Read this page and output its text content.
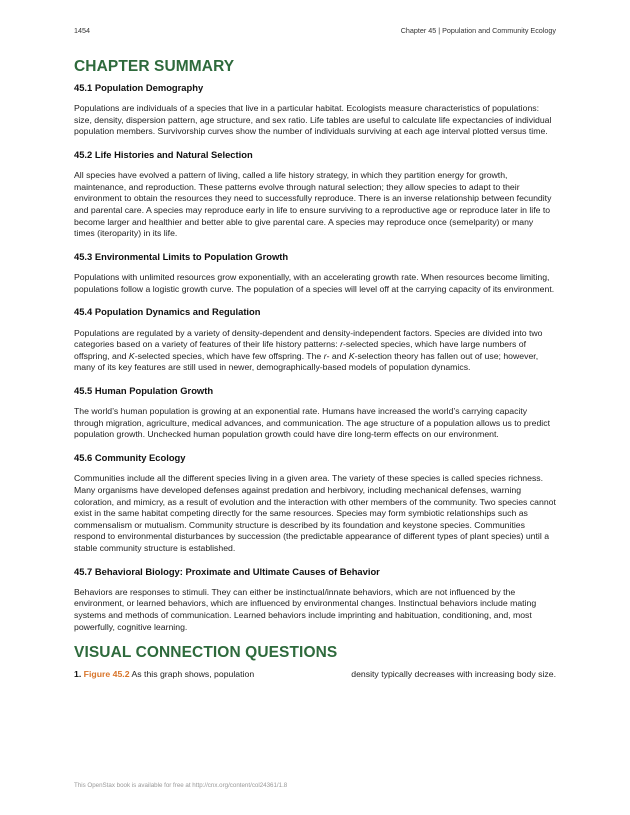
1454	Chapter 45 | Population and Community Ecology
CHAPTER SUMMARY
45.1 Population Demography

Populations are individuals of a species that live in a particular habitat. Ecologists measure characteristics of populations: size, density, dispersion pattern, age structure, and sex ratio. Life tables are useful to calculate life expectancies of individual population members. Survivorship curves show the number of individuals surviving at each age interval plotted versus time.

45.2 Life Histories and Natural Selection

All species have evolved a pattern of living, called a life history strategy, in which they partition energy for growth, maintenance, and reproduction. These patterns evolve through natural selection; they allow species to adapt to their environment to obtain the resources they need to successfully reproduce. There is an inverse relationship between fecundity and parental care. A species may reproduce early in life to ensure surviving to a reproductive age or reproduce later in life to become larger and healthier and better able to give parental care. A species may reproduce once (semelparity) or many times (iteroparity) in its life.

45.3 Environmental Limits to Population Growth

Populations with unlimited resources grow exponentially, with an accelerating growth rate. When resources become limiting, populations follow a logistic growth curve. The population of a species will level off at the carrying capacity of its environment.

45.4 Population Dynamics and Regulation

Populations are regulated by a variety of density-dependent and density-independent factors. Species are divided into two categories based on a variety of features of their life history patterns: r-selected species, which have large numbers of offspring, and K-selected species, which have few offspring. The r- and K-selection theory has fallen out of use; however, many of its key features are still used in newer, demographically-based models of population dynamics.

45.5 Human Population Growth

The world’s human population is growing at an exponential rate. Humans have increased the world’s carrying capacity through migration, agriculture, medical advances, and communication. The age structure of a population allows us to predict population growth. Unchecked human population growth could have dire long-term effects on our environment.

45.6 Community Ecology

Communities include all the different species living in a given area. The variety of these species is called species richness. Many organisms have developed defenses against predation and herbivory, including mechanical defenses, warning coloration, and mimicry, as a result of evolution and the interaction with other members of the community. Two species cannot exist in the same habitat competing directly for the same resources. Species may form symbiotic relationships such as commensalism or mutualism. Community structure is described by its foundation and keystone species. Communities respond to environmental disturbances by succession (the predictable appearance of different types of plant species) until a stable community structure is established.

45.7 Behavioral Biology: Proximate and Ultimate Causes of Behavior

Behaviors are responses to stimuli. They can either be instinctual/innate behaviors, which are not influenced by the environment, or learned behaviors, which are influenced by environmental changes. Instinctual behaviors include mating systems and methods of communication. Learned behaviors include imprinting and habituation, conditioning, and, most powerfully, cognitive learning.

VISUAL CONNECTION QUESTIONS
1. Figure 45.2 As this graph shows, population	density typically decreases with increasing body size.
This OpenStax book is available for free at http://cnx.org/content/col24361/1.8
